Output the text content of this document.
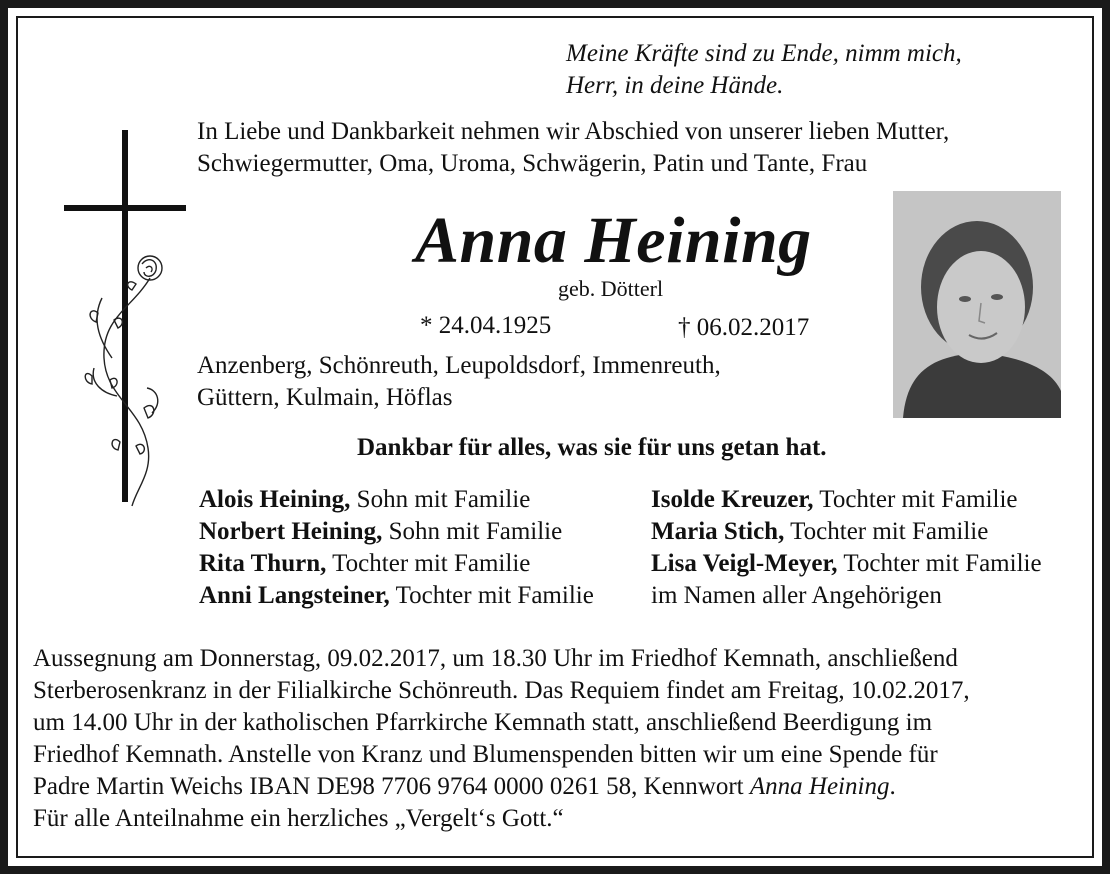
Meine Kräfte sind zu Ende, nimm mich,
Herr, in deine Hände.
In Liebe und Dankbarkeit nehmen wir Abschied von unserer lieben Mutter,
Schwiegermutter, Oma, Uroma, Schwägerin, Patin und Tante, Frau
Anna Heining
geb. Dötterl
* 24.04.1925	† 06.02.2017
Anzenberg, Schönreuth, Leupoldsdorf, Immenreuth,
Güttern, Kulmain, Höflas
Dankbar für alles, was sie für uns getan hat.
Alois Heining, Sohn mit Familie
Norbert Heining, Sohn mit Familie
Rita Thurn, Tochter mit Familie
Anni Langsteiner, Tochter mit Familie
Isolde Kreuzer, Tochter mit Familie
Maria Stich, Tochter mit Familie
Lisa Veigl-Meyer, Tochter mit Familie
im Namen aller Angehörigen
Aussegnung am Donnerstag, 09.02.2017, um 18.30 Uhr im Friedhof Kemnath, anschließend
Sterberosenkranz in der Filialkirche Schönreuth. Das Requiem findet am Freitag, 10.02.2017,
um 14.00 Uhr in der katholischen Pfarrkirche Kemnath statt, anschließend Beerdigung im
Friedhof Kemnath. Anstelle von Kranz und Blumenspenden bitten wir um eine Spende für
Padre Martin Weichs IBAN DE98 7706 9764 0000 0261 58, Kennwort Anna Heining.
Für alle Anteilnahme ein herzliches „Vergelt‘s Gott.“
